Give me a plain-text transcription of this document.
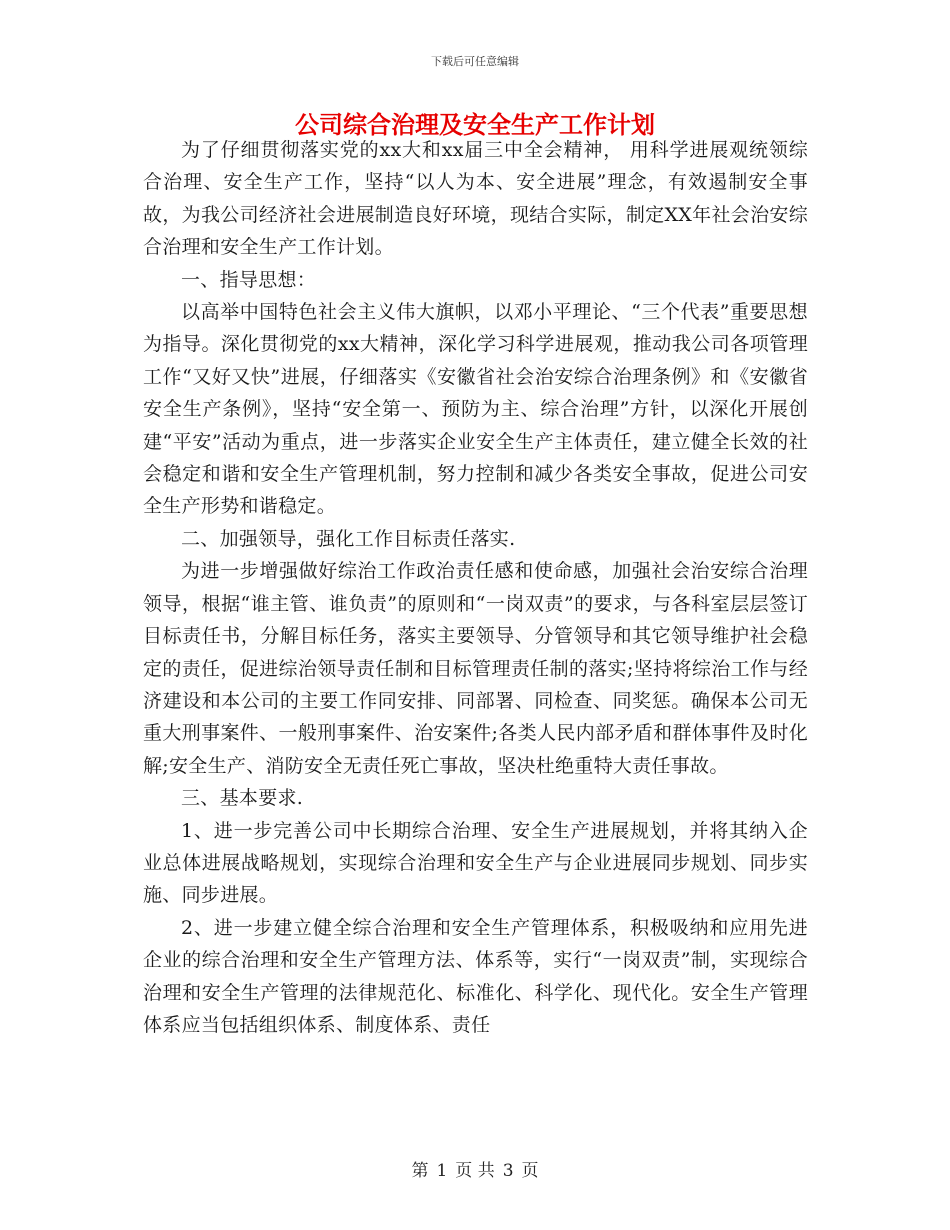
下载后可任意编辑
公司综合治理及安全生产工作计划

为了仔细贯彻落实党的xx大和xx届三中全会精神， 用科学进展观统领综合治理、安全生产工作，坚持“以人为本、安全进展”理念，有效遏制安全事故，为我公司经济社会进展制造良好环境，现结合实际，制定XX年社会治安综合治理和安全生产工作计划。

一、指导思想：

以高举中国特色社会主义伟大旗帜，以邓小平理论、“三个代表”重要思想为指导。深化贯彻党的xx大精神，深化学习科学进展观，推动我公司各项管理工作“又好又快”进展，仔细落实《安徽省社会治安综合治理条例》和《安徽省安全生产条例》，坚持“安全第一、预防为主、综合治理”方针，以深化开展创建“平安”活动为重点，进一步落实企业安全生产主体责任，建立健全长效的社会稳定和谐和安全生产管理机制，努力控制和减少各类安全事故，促进公司安全生产形势和谐稳定。

二、加强领导，强化工作目标责任落实.

为进一步增强做好综治工作政治责任感和使命感，加强社会治安综合治理领导，根据“谁主管、谁负责”的原则和“一岗双责”的要求，与各科室层层签订目标责任书，分解目标任务，落实主要领导、分管领导和其它领导维护社会稳定的责任，促进综治领导责任制和目标管理责任制的落实;坚持将综治工作与经济建设和本公司的主要工作同安排、同部署、同检查、同奖惩。确保本公司无重大刑事案件、一般刑事案件、治安案件;各类人民内部矛盾和群体事件及时化解;安全生产、消防安全无责任死亡事故，坚决杜绝重特大责任事故。

三、基本要求.

1、进一步完善公司中长期综合治理、安全生产进展规划，并将其纳入企业总体进展战略规划，实现综合治理和安全生产与企业进展同步规划、同步实施、同步进展。

2、进一步建立健全综合治理和安全生产管理体系，积极吸纳和应用先进企业的综合治理和安全生产管理方法、体系等，实行“一岗双责”制，实现综合治理和安全生产管理的法律规范化、标准化、科学化、现代化。安全生产管理体系应当包括组织体系、制度体系、责任

第 1 页 共 3 页
